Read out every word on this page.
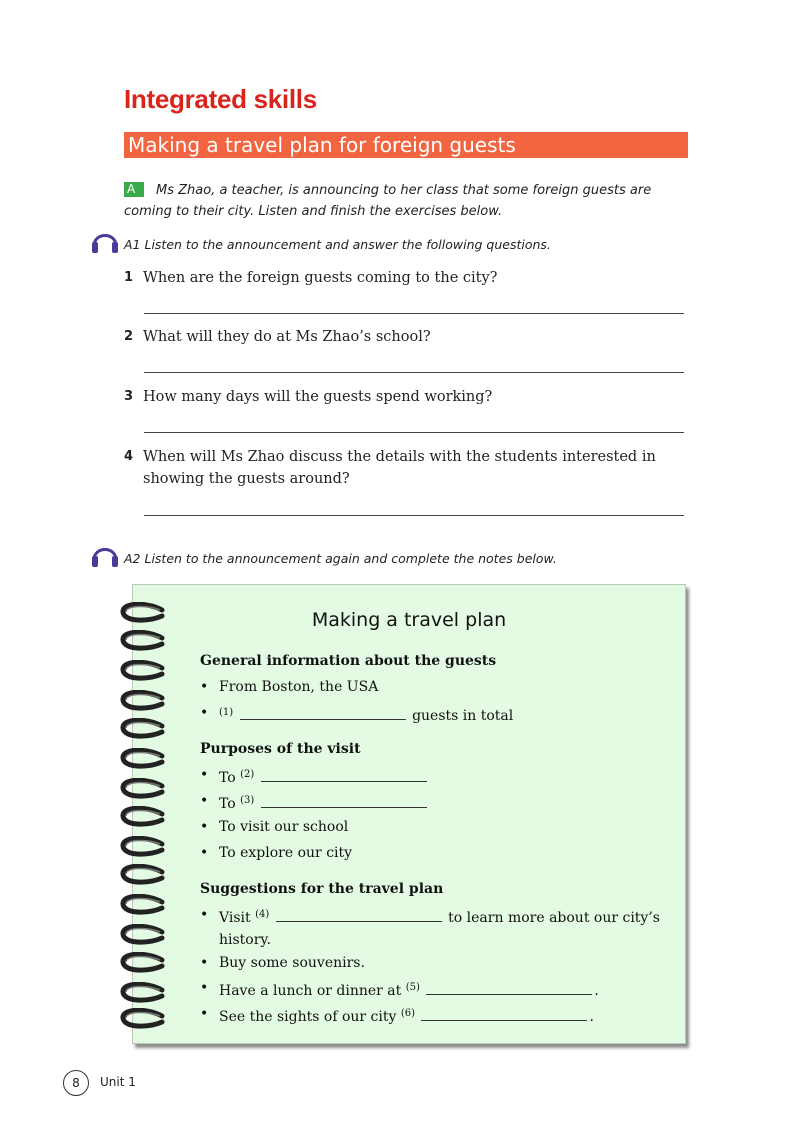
Integrated skills
Making a travel plan for foreign guests
A Ms Zhao, a teacher, is announcing to her class that some foreign guests are coming to their city. Listen and finish the exercises below.
A1 Listen to the announcement and answer the following questions.
1 When are the foreign guests coming to the city?
2 What will they do at Ms Zhao’s school?
3 How many days will the guests spend working?
4 When will Ms Zhao discuss the details with the students interested in showing the guests around?
A2 Listen to the announcement again and complete the notes below.
Making a travel plan
General information about the guests
• From Boston, the USA
• $^{(1)}$	guests in total
Purposes of the visit
• To $^{(2)}$
• To $^{(3)}$
• To visit our school
• To explore our city
Suggestions for the travel plan
• Visit $^{(4)}$	to learn more about our city’s history.
• Buy some souvenirs.
• Have a lunch or dinner at $^{(5)}$	.
• See the sights of our city $^{(6)}$	.
8	Unit 1
